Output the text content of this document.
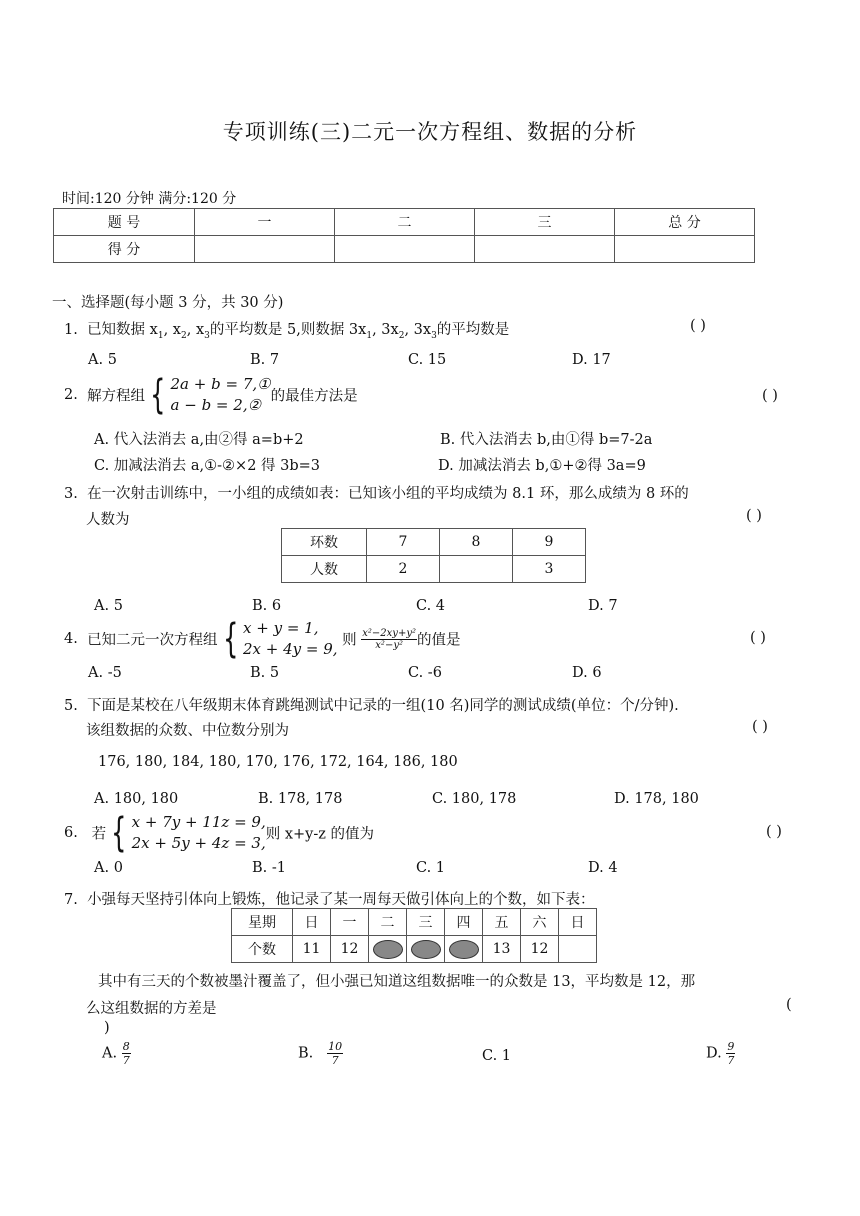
专项训练(三)二元一次方程组、数据的分析
时间:120 分钟 满分:120 分
题 号	一	二	三	总 分
得 分				
一、选择题(每小题 3 分，共 30 分)
1. 已知数据 $x_1$, $x_2$, $x_3$的平均数是 5,则数据 $3x_1$, $3x_2$, $3x_3$的平均数是	( )
A. 5	B. 7	C. 15	D. 17
2. 解方程组 { 2a + b = 7,①
a − b = 2,② 的最佳方法是	( )
A. 代入法消去 a,由②得 a=b+2	B. 代入法消去 b,由①得 b=7-2a
C. 加减法消去 a,①-②×2 得 3b=3	D. 加减法消去 b,①+②得 3a=9
3. 在一次射击训练中，一小组的成绩如表：已知该小组的平均成绩为 8.1 环，那么成绩为 8 环的
人数为	( )
环数	7	8	9
人数	2		3
A. 5	B. 6	C. 4	D. 7
4. 已知二元一次方程组 { x + y = 1,
2x + 4y = 9, 则 $\frac{\text{x²−2xy+y²}}{\text{x²−y²}}$ 的值是	( )
A. -5	B. 5	C. -6	D. 6
5. 下面是某校在八年级期末体育跳绳测试中记录的一组(10 名)同学的测试成绩(单位：个/分钟).
该组数据的众数、中位数分别为	( )
176, 180, 184, 180, 170, 176, 172, 164, 186, 180
A. 180, 180	B. 178, 178	C. 180, 178	D. 178, 180
6. 若 { x + 7y + 11z = 9,
2x + 5y + 4z = 3, 则 x+y-z 的值为	( )
A. 0	B. -1	C. 1	D. 4
7. 小强每天坚持引体向上锻炼，他记录了某一周每天做引体向上的个数，如下表：
星期	日	一	二	三	四	五	六	日
个数	11	12				13	12	
其中有三天的个数被墨汁覆盖了，但小强已知道这组数据唯一的众数是 13，平均数是 12，那
么这组数据的方差是	(
)
A. $\frac{8}{7}$	B. $\frac{10}{7}$	C. 1	D. $\frac{9}{7}$
